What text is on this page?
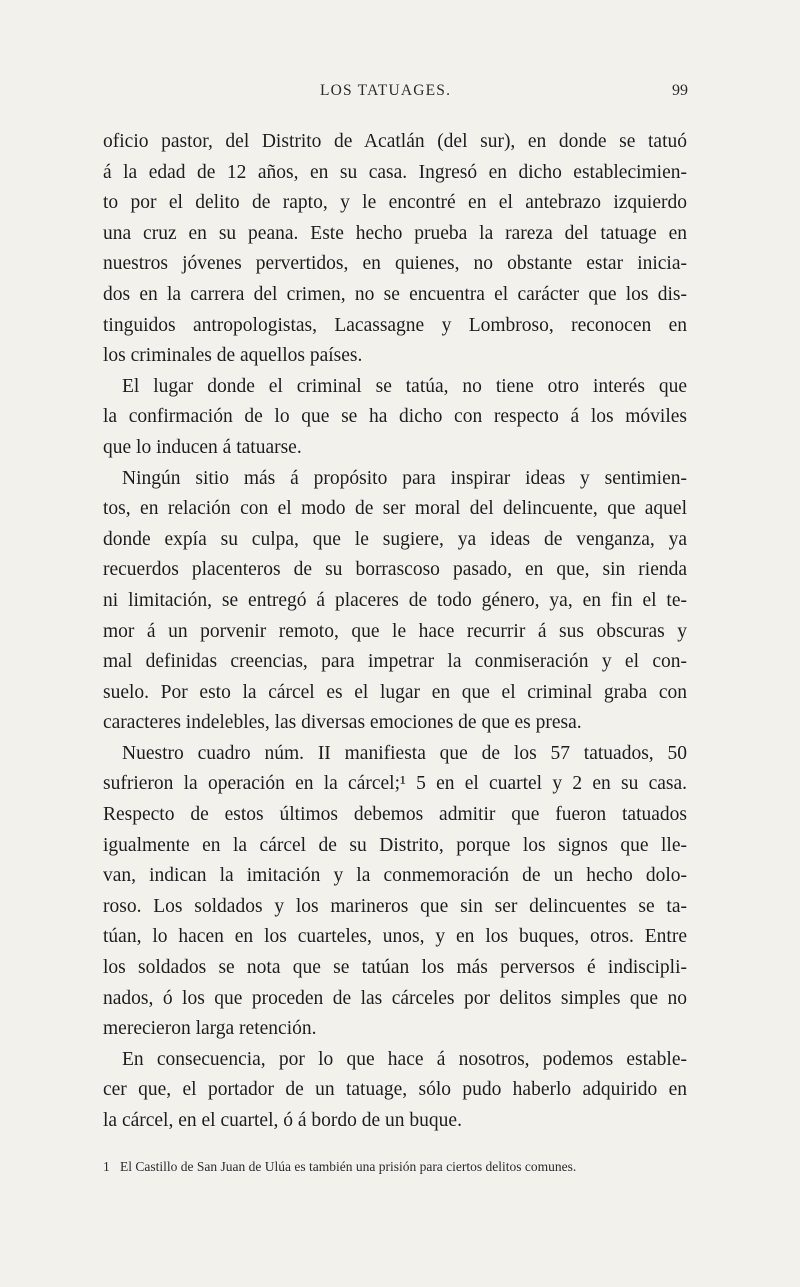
LOS TATUAGES.	99
oficio pastor, del Distrito de Acatlán (del sur), en donde se tatuó
á la edad de 12 años, en su casa. Ingresó en dicho establecimien-
to por el delito de rapto, y le encontré en el antebrazo izquierdo
una cruz en su peana. Este hecho prueba la rareza del tatuage en
nuestros jóvenes pervertidos, en quienes, no obstante estar inicia-
dos en la carrera del crimen, no se encuentra el carácter que los dis-
tinguidos antropologistas, Lacassagne y Lombroso, reconocen en
los criminales de aquellos países.
El lugar donde el criminal se tatúa, no tiene otro interés que
la confirmación de lo que se ha dicho con respecto á los móviles
que lo inducen á tatuarse.
Ningún sitio más á propósito para inspirar ideas y sentimien-
tos, en relación con el modo de ser moral del delincuente, que aquel
donde expía su culpa, que le sugiere, ya ideas de venganza, ya
recuerdos placenteros de su borrascoso pasado, en que, sin rienda
ni limitación, se entregó á placeres de todo género, ya, en fin el te-
mor á un porvenir remoto, que le hace recurrir á sus obscuras y
mal definidas creencias, para impetrar la conmiseración y el con-
suelo. Por esto la cárcel es el lugar en que el criminal graba con
caracteres indelebles, las diversas emociones de que es presa.
Nuestro cuadro núm. II manifiesta que de los 57 tatuados, 50
sufrieron la operación en la cárcel;¹ 5 en el cuartel y 2 en su casa.
Respecto de estos últimos debemos admitir que fueron tatuados
igualmente en la cárcel de su Distrito, porque los signos que lle-
van, indican la imitación y la conmemoración de un hecho dolo-
roso. Los soldados y los marineros que sin ser delincuentes se ta-
túan, lo hacen en los cuarteles, unos, y en los buques, otros. Entre
los soldados se nota que se tatúan los más perversos é indiscipli-
nados, ó los que proceden de las cárceles por delitos simples que no
merecieron larga retención.
En consecuencia, por lo que hace á nosotros, podemos estable-
cer que, el portador de un tatuage, sólo pudo haberlo adquirido en
la cárcel, en el cuartel, ó á bordo de un buque.
1 El Castillo de San Juan de Ulúa es también una prisión para ciertos delitos comunes.
